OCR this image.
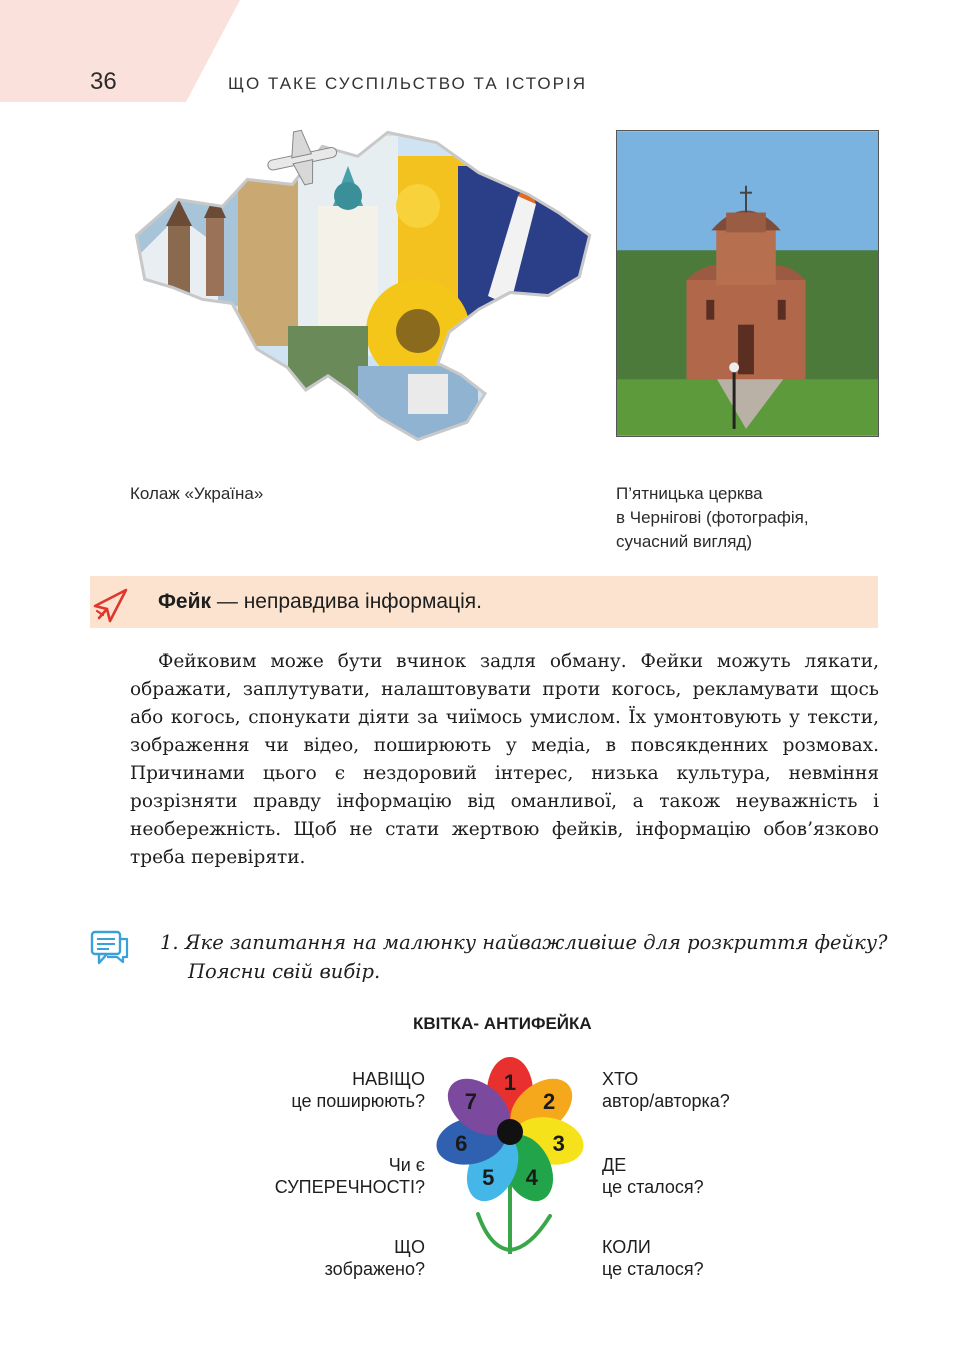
36	ЩО ТАКЕ СУСПІЛЬСТВО ТА ІСТОРІЯ
Колаж «Україна»	П’ятницька церква
в Чернігові (фотографія,
сучасний вигляд)
Фейк — неправдива інформація.
Фейковим може бути вчинок задля обману. Фейки можуть лякати, ображати, заплутувати, налаштовувати проти когось, рекламувати щось або когось, спонукати діяти за чиїмось умислом. Їх умонтовують у тексти, зображення чи відео, поширюють у медіа, в повсякденних розмовах. Причинами цього є нездоровий інтерес, низька культура, невміння розрізняти правду інформацію від оманливої, а також неуважність і необережність. Щоб не стати жертвою фейків, інформацію обов’язково треба перевіряти.
1. Яке запитання на малюнку найважливіше для розкриття фейку? Поясни свій вибір.
КВІТКА- АНТИФЕЙКА
1
2
3
4
5
6
7
НАВІЩО
це поширюють?
Чи є
СУПЕРЕЧНОСТІ?
ЩО
зображено?
ХТО
автор/авторка?
ДЕ
це сталося?
КОЛИ
це сталося?
